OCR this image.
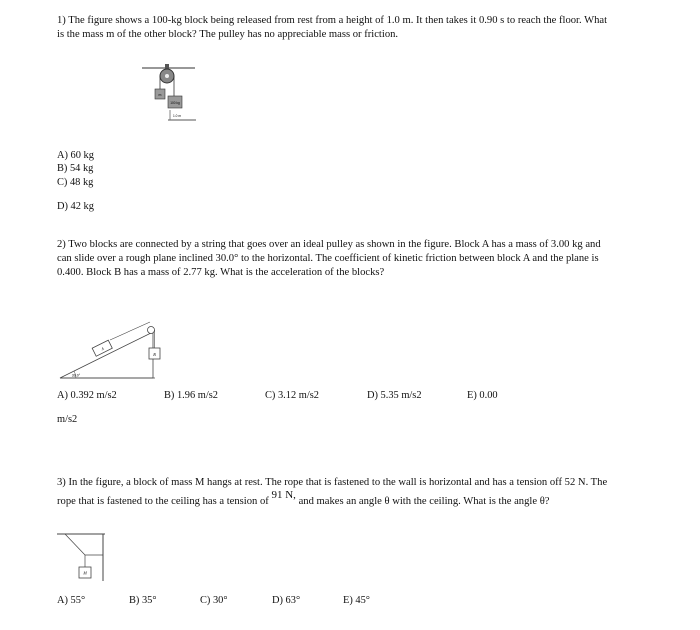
1) The figure shows a 100-kg block being released from rest from a height of 1.0 m. It then takes it 0.90 s to reach the floor. What
is the mass m of the other block? The pulley has no appreciable mass or friction.
m
100 kg
1.0 m
A) 60 kg
B) 54 kg
C) 48 kg
D) 42 kg
2) Two blocks are connected by a string that goes over an ideal pulley as shown in the figure. Block A has a mass of 3.00 kg and
can slide over a rough plane inclined 30.0° to the horizontal. The coefficient of kinetic friction between block A and the plane is
0.400. Block B has a mass of 2.77 kg. What is the acceleration of the blocks?
A
B
30.0°
A) 0.392 m/s2	B) 1.96 m/s2	C) 3.12 m/s2	D) 5.35 m/s2	E) 0.00
m/s2
3) In the figure, a block of mass M hangs at rest. The rope that is fastened to the wall is horizontal and has a tension off 52 N. The
rope that is fastened to the ceiling has a tension of 91 N, and makes an angle θ with the ceiling. What is the angle θ?
M
A) 55°	B) 35°	C) 30°	D) 63°	E) 45°
